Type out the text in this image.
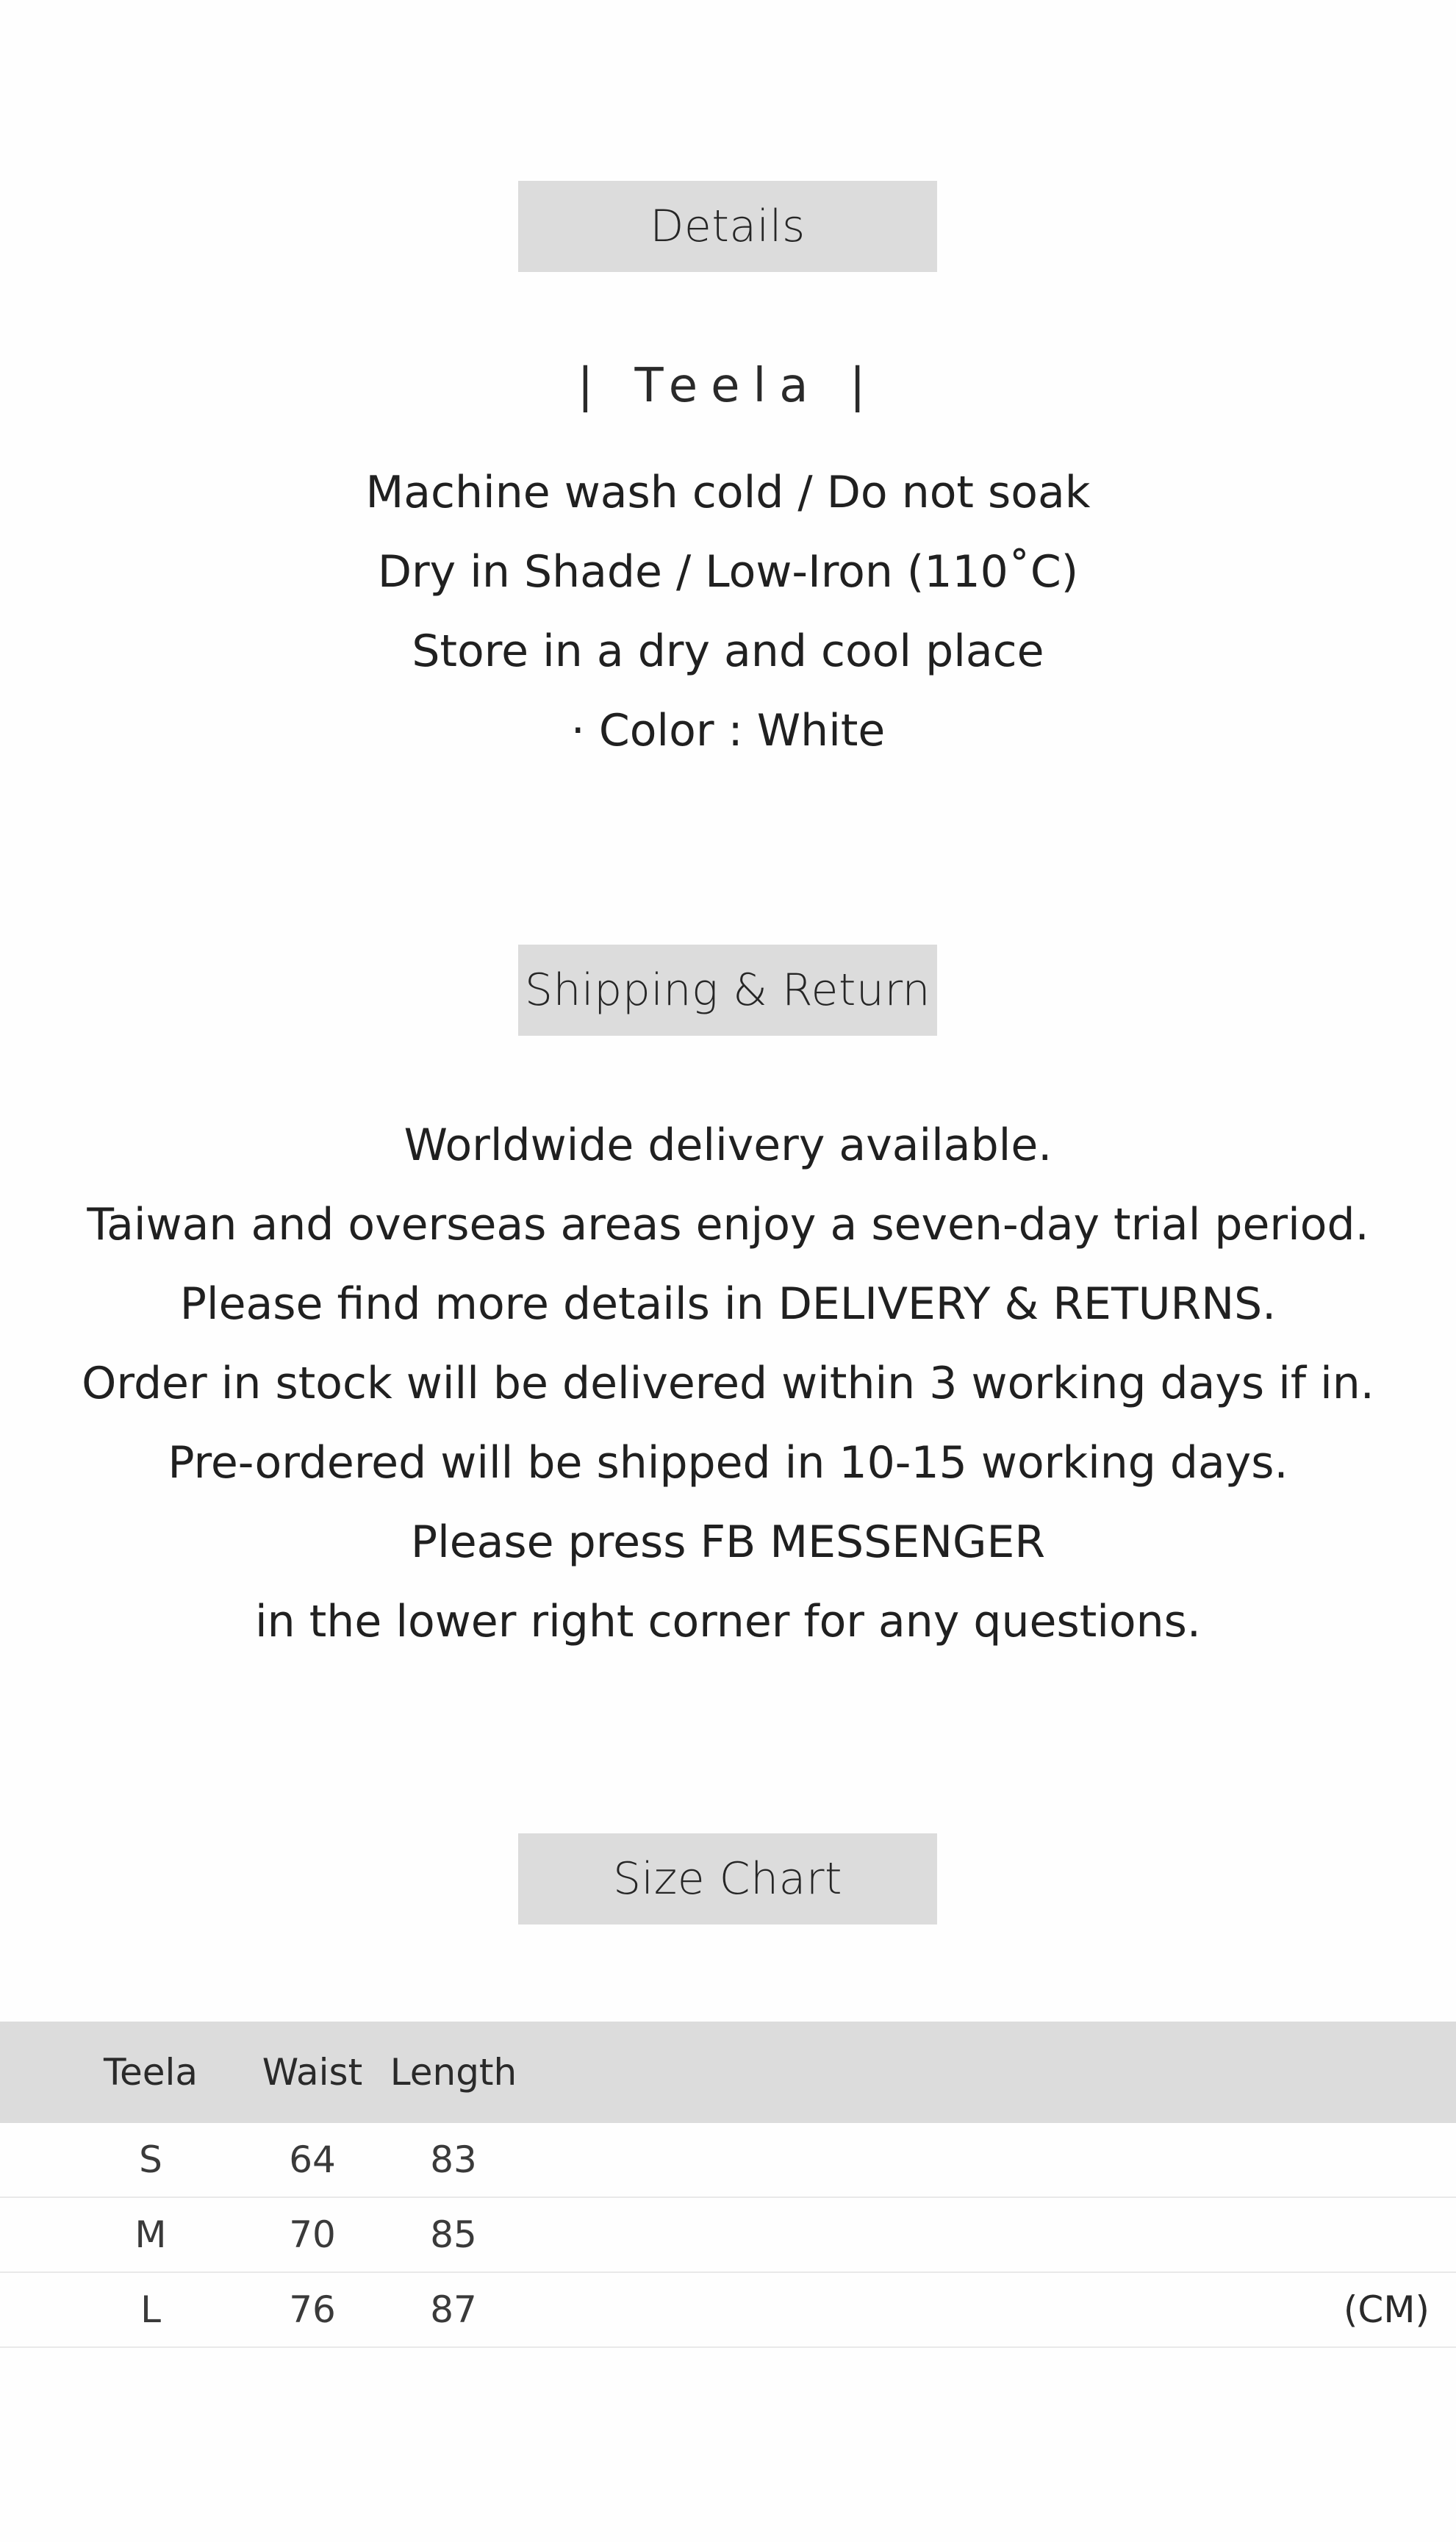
Details
| Teela |
Machine wash cold / Do not soak
Dry in Shade / Low-Iron (110˚C)
Store in a dry and cool place
· Color : White
Shipping & Return
Worldwide delivery available.
Taiwan and overseas areas enjoy a seven-day trial period.
Please find more details in DELIVERY & RETURNS.
Order in stock will be delivered within 3 working days if in.
Pre-ordered will be shipped in 10-15 working days.
Please press FB MESSENGER
in the lower right corner for any questions.
Size Chart
Teela	Waist Length
S	64	83
M	70	85
L	76	87	(CM)
